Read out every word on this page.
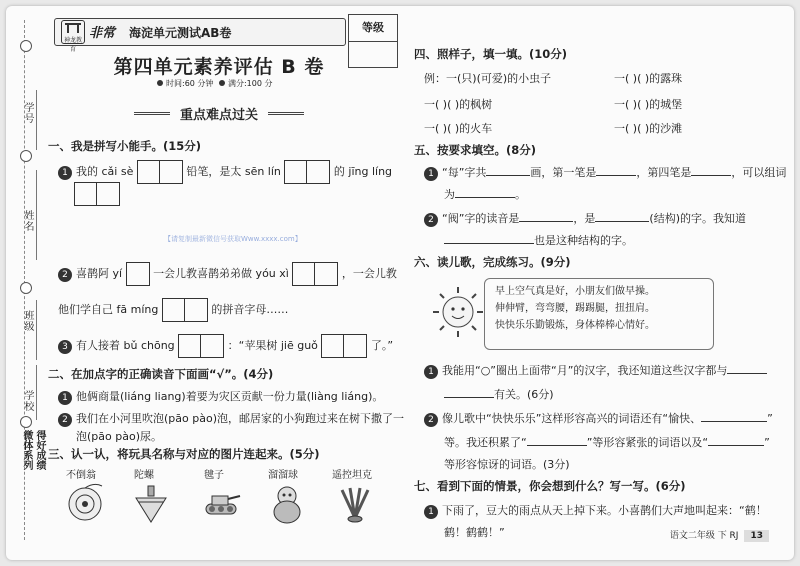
学号
姓名
班级
学校
微体系列 得好成绩
神龙教育
非常 海淀单元测试AB卷	等级
第四单元素养评估 B 卷
时间:60 分钟 满分:100 分
重点难点过关
一、我是拼写小能手。(15分)
1 我的 cǎi sè	铅笔，是太 sēn lín	的 jīng líng
【请复制最新微信号获取Www.xxxx.com】
2 喜鹊阿 yí	一会儿教喜鹊弟弟做 yóu xì	，一会儿教
他们学自己 fā míng	的拼音字母……
3 有人接着 bǔ chōng	：“苹果树 jiē guǒ	了。”
二、在加点字的正确读音下面画“√”。(4分)
1 他俩商量(liáng liang)着要为灾区贡献一份力量(liàng liáng)。
2 我们在小河里吹泡(pāo pào)泡，邮居家的小狗跑过来在树下撒了一
泡(pāo pào)尿。
三、认一认，将玩具名称与对应的图片连起来。(5分)
不倒翁	陀螺	毽子	溜溜球	遥控坦克
四、照样子，填一填。(10分)
例：一(只)(可爱)的小虫子	一( )( )的露珠
一( )( )的枫树	一( )( )的城堡
一( )( )的火车	一( )( )的沙滩
五、按要求填空。(8分)
1 “每”字共	画，第一笔是	，第四笔是	，可以组词
为	。
2 “阀”字的读音是	，是	(结构)的字。我知道
也是这种结构的字。
六、读儿歌，完成练习。(9分)
早上空气真是好，小朋友们做早操。
伸伸臂，弯弯腰，踢踢腿，扭扭肩。
快快乐乐勤锻炼，身体棒棒心情好。
1 我能用“○”圈出上面带“月”的汉字，我还知道这些汉字都与
有关。(6分)
2 像儿歌中“快快乐乐”这样形容高兴的词语还有“愉快、	”
等。我还积累了“	”等形容紧张的词语以及“	”
等形容惊讶的词语。(3分)
七、看到下面的情景，你会想到什么？写一写。(6分)
1 下雨了，豆大的雨点从天上掉下来。小喜鹊们大声地叫起来：“鹤！
鹤！鹤鹤！”	语文二年级 下 RJ 13
